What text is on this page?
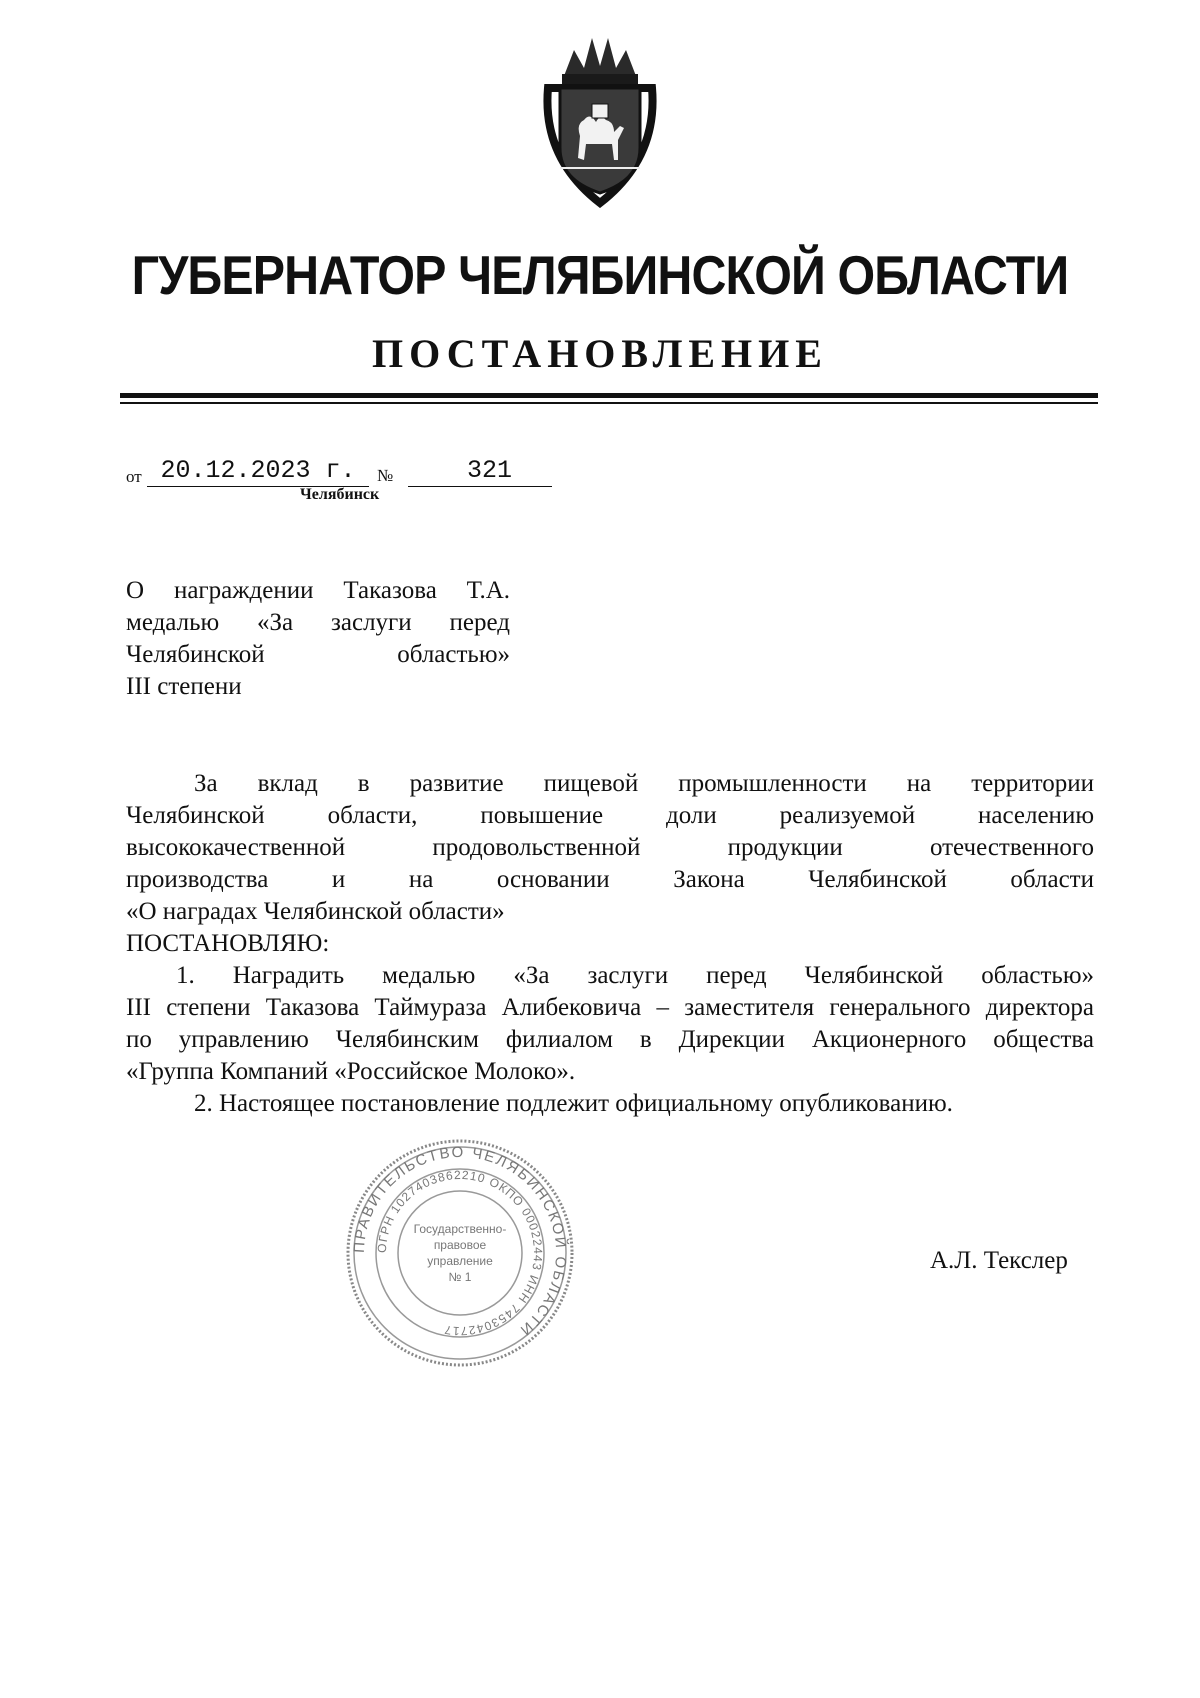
ГУБЕРНАТОР ЧЕЛЯБИНСКОЙ ОБЛАСТИ
ПОСТАНОВЛЕНИЕ
от 20.12.2023 г.	№	321
Челябинск
О награждении Таказова Т.А.
медалью «За заслуги перед
Челябинской областью»
III степени
За вклад в развитие пищевой промышленности на территории
Челябинской области, повышение доли реализуемой населению
высококачественной продовольственной продукции отечественного
производства и на основании Закона Челябинской области
«О наградах Челябинской области»
ПОСТАНОВЛЯЮ:
1. Наградить медалью «За заслуги перед Челябинской областью»
III степени Таказова Таймураза Алибековича – заместителя генерального директора
по управлению Челябинским филиалом в Дирекции Акционерного общества
«Группа Компаний «Российское Молоко».
2. Настоящее постановление подлежит официальному опубликованию.
ПРАВИТЕЛЬСТВО ЧЕЛЯБИНСКОЙ ОБЛАСТИ
ОГРН 1027403862210 ОКПО 00022443 ИНН 7453042717
Государственно-
правовое
управление
№ 1
А.Л. Текслер
